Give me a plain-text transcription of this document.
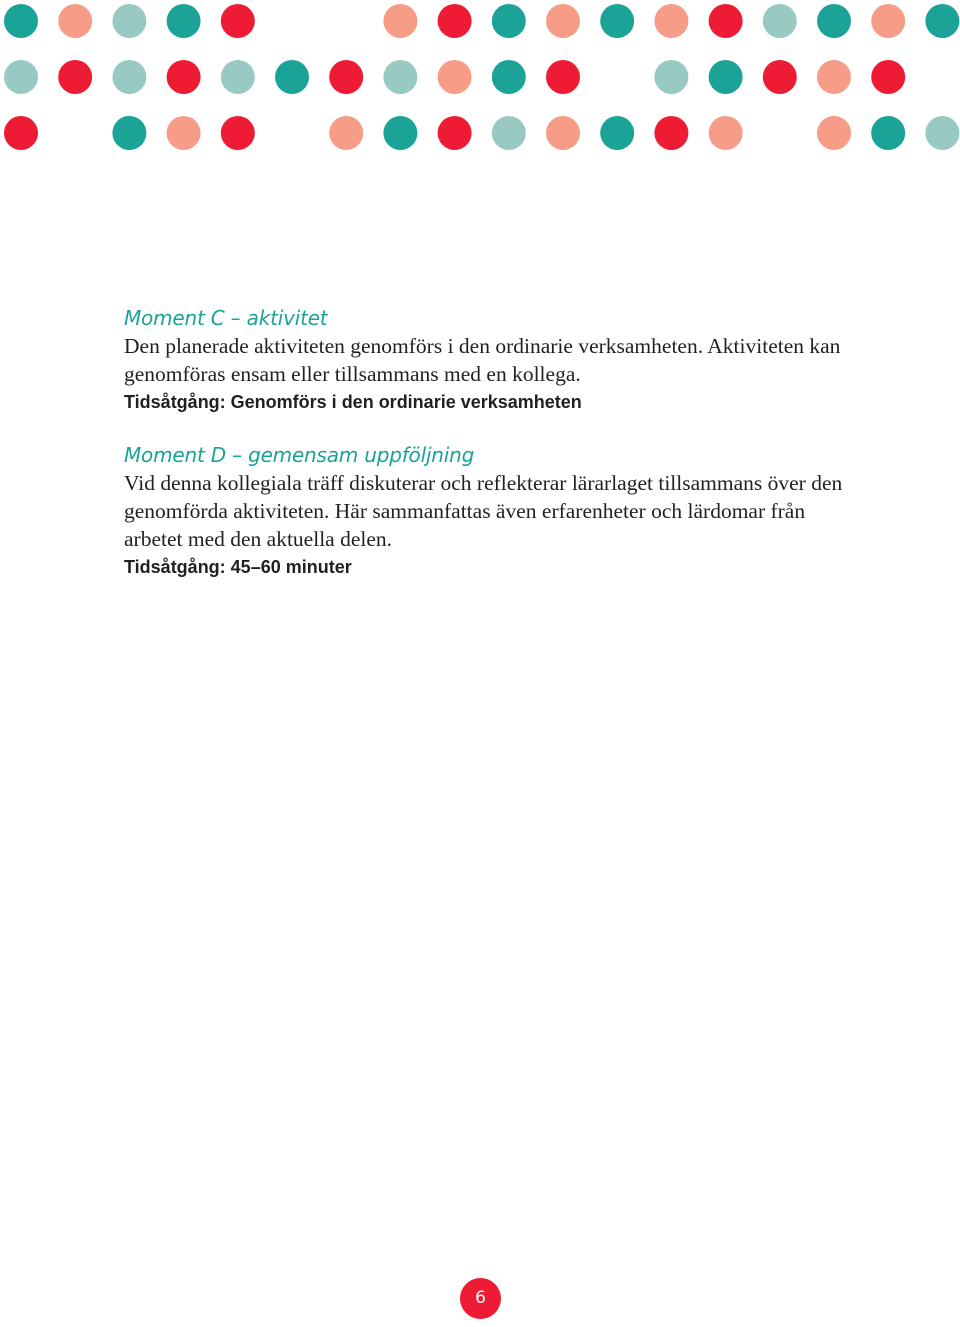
Moment C – aktivitet

Den planerade aktiviteten genomförs i den ordinarie verksamheten. Aktiviteten kan genomföras ensam eller tillsammans med en kollega.

Tidsåtgång: Genomförs i den ordinarie verksamheten

Moment D – gemensam uppföljning

Vid denna kollegiala träff diskuterar och reflekterar lärarlaget tillsammans över den genomförda aktiviteten. Här sammanfattas även erfarenheter och lärdomar från arbetet med den aktuella delen.

Tidsåtgång: 45–60 minuter

6
